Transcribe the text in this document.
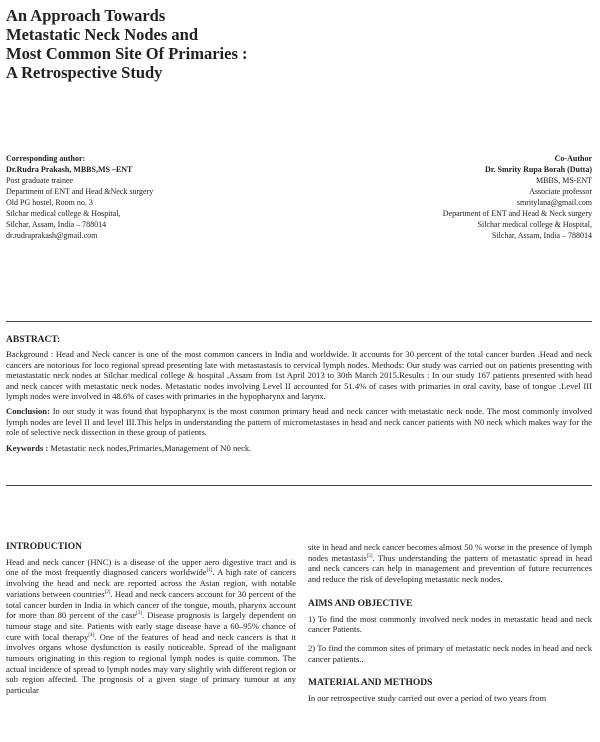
An Approach Towards
Metastatic Neck Nodes and
Most Common Site Of Primaries :
A Retrospective Study
Corresponding author:
Dr.Rudra Prakash, MBBS,MS –ENT
Post graduate trainee
Department of ENT and Head &Neck surgery
Old PG hostel, Room no. 3
Silchar medical college & Hospital,
Silchar, Assam, India – 788014
dr.rudraprakash@gmail.com
Co-Author
Dr. Smrity Rupa Borah (Dutta)
MBBS, MS-ENT
Associate professor
smritylana@gmail.com
Department of ENT and Head & Neck surgery
Silchar medical college & Hospital,
Silchar, Assam, India – 788014
ABSTRACT:

Background : Head and Neck cancer is one of the most common cancers in India and worldwide. It accounts for 30 percent of the total cancer burden .Head and neck cancers are notorious for loco regional spread presenting late with metastastasis to cervical lymph nodes. Methods: Our study was carried out on patients presenting with metastastatic neck nodes at Silchar medical college & hospital ,Assam from 1st April 2013 to 30th March 2015.Results : In our study 167 patients presented with head and neck cancer with metastatic neck nodes. Metastatic nodes involving Level II accounted for 51.4% of cases with primaries in oral cavity, base of tongue .Level III lymph nodes were involved in 48.6% of cases with primaries in the hypopharynx and larynx.

Conclusion: In our study it was found that hypopharynx is the most common primary head and neck cancer with metastatic neck node. The most commonly involved lymph nodes are level II and level III.This helps in understanding the pattern of micrometastases in head and neck cancer patients with N0 neck which makes way for the role of selective neck dissection in these group of patients.

Keywords : Metastatic neck nodes,Primaries,Management of N0 neck.

INTRODUCTION

Head and neck cancer (HNC) is a disease of the upper aero digestive tract and is one of the most frequently diagnosed cancers worldwide[1]. A high rate of cancers involving the head and neck are reported across the Asian region, with notable variations between countries[2]. Head and neck cancers account for 30 percent of the total cancer burden in India in which cancer of the tongue, mouth, pharynx account for more than 80 percent of the case[3]. Disease prognosis is largely dependent on tumour stage and site. Patients with early stage disease have a 60–95% chance of cure with local therapy[4]. One of the features of head and neck cancers is that it involves organs whose dysfunction is easily noticeable. Spread of the malignant tumours originating in this region to regional lymph nodes is quite common. The actual incidence of spread to lymph nodes may vary slightly with different region or sub region affected. The prognosis of a given stage of primary tumour at any particular

site in head and neck cancer becomes almost 50 % worse in the presence of lymph nodes metastasis[5]. Thus understanding the pattern of metastatic spread in head and neck cancers can help in management and prevention of future recurrences and reduce the risk of developing metastatic neck nodes.

AIMS AND OBJECTIVE

1) To find the most commonly involved neck nodes in metastatic head and neck cancer Patients.

2) To find the common sites of primary of metastatic neck nodes in head and neck cancer patients..

MATERIAL AND METHODS

In our retrospective study carried out over a period of two years from
